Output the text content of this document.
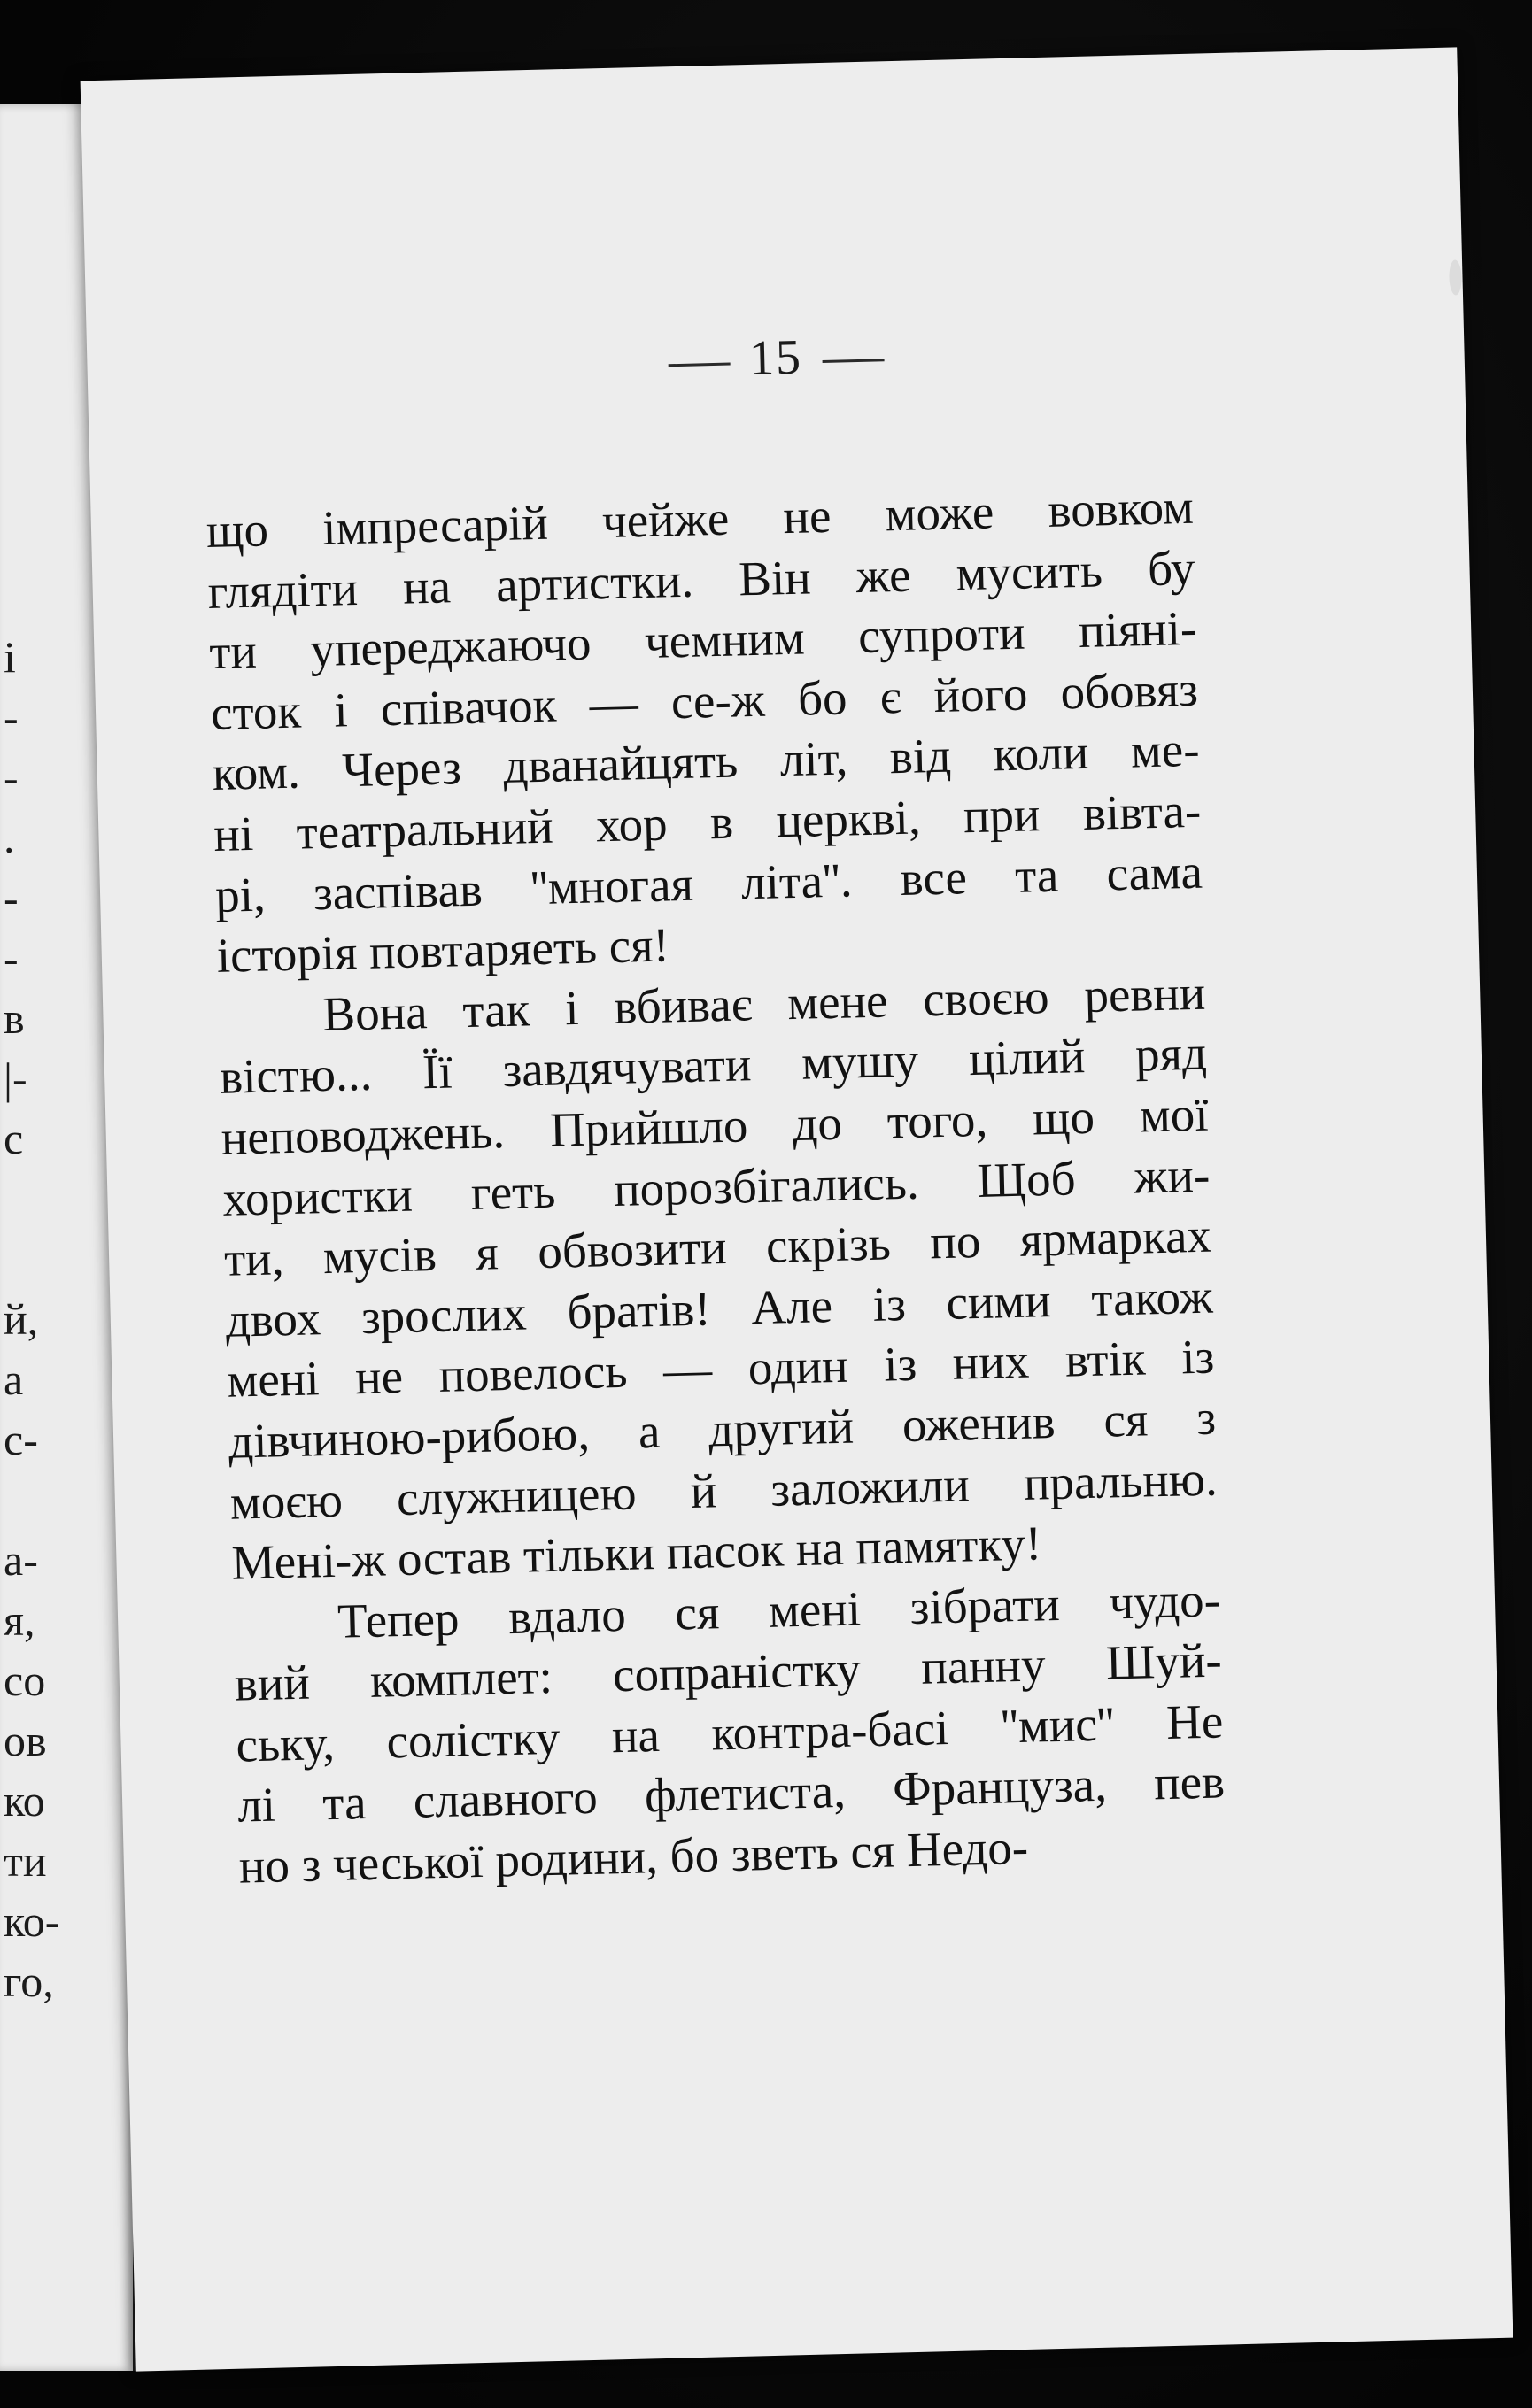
і
-
-
.
-
-
в
|-
с
й,
а
с-
а-
я,
со
ов
ко
ти
ко-
го,
15
що імпресарій чейже не може вовком
глядіти на артистки. Він же мусить бу
ти упереджаючо чемним супроти піяні-
сток і співачок — се-ж бо є його обовяз
ком. Через дванайцять літ, від коли ме-
ні театральний хор в церкві, при вівта-
рі, заспівав ''многая літа''. все та сама
історія повтаряеть ся!
Вона так і вбиває мене своєю ревни
вістю... Її завдячувати мушу цілий ряд
неповоджень. Прийшло до того, що мої
хористки геть порозбігались. Щоб жи-
ти, мусів я обвозити скрізь по ярмарках
двох зрослих братів! Але із сими також
мені не повелось — один із них втік із
дівчиною-рибою, а другий оженив ся з
моєю служницею й заложили пральню.
Мені-ж остав тільки пасок на памятку!
Тепер вдало ся мені зібрати чудо-
вий комплет: сопраністку панну Шуй-
ську, солістку на контра-басі ''мис'' Не
лі та славного флетиста, Француза, пев
но з чеської родини, бо зветь ся Недо-
